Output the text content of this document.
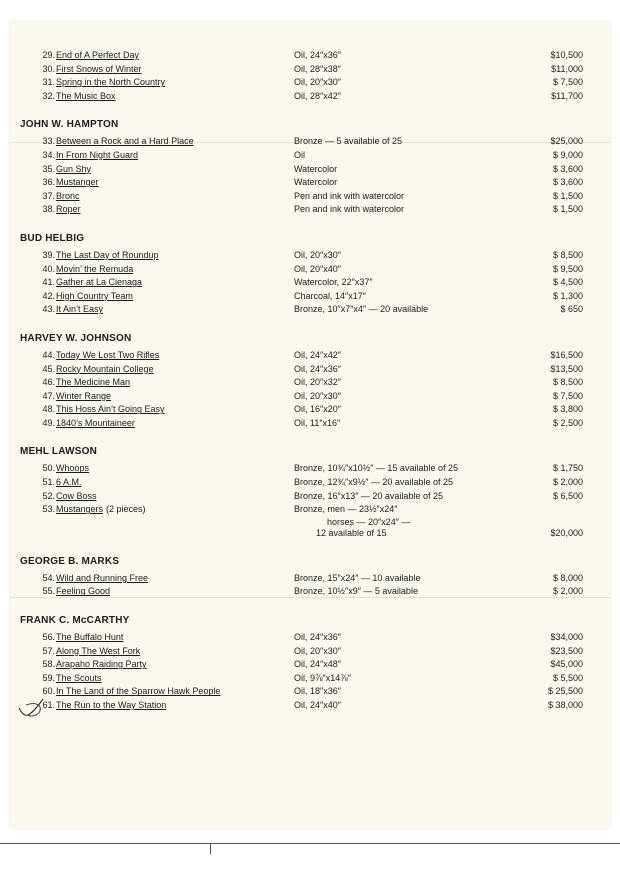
29. End of A Perfect Day	Oil, 24″x36″	$10,500
30. First Snows of Winter	Oil, 28″x38″	$11,000
31. Spring in the North Country	Oil, 20″x30″	$ 7,500
32. The Music Box	Oil, 28″x42″	$11,700
JOHN W. HAMPTON
33. Between a Rock and a Hard Place	Bronze — 5 available of 25	$25,000
34. In From Night Guard	Oil	$ 9,000
35. Gun Shy	Watercolor	$ 3,600
36. Mustanger	Watercolor	$ 3,600
37. Bronc	Pen and ink with watercolor	$ 1,500
38. Roper	Pen and ink with watercolor	$ 1,500
BUD HELBIG
39. The Last Day of Roundup	Oil, 20″x30″	$ 8,500
40. Movin’ the Remuda	Oil, 20″x40″	$ 9,500
41. Gather at La Cienaga	Watercolor, 22″x37″	$ 4,500
42. High Country Team	Charcoal, 14″x17″	$ 1,300
43. It Ain’t Easy	Bronze, 10″x7″x4″ — 20 available	$ 650
HARVEY W. JOHNSON
44. Today We Lost Two Rifles	Oil, 24″x42″	$16,500
45. Rocky Mountain College	Oil, 24″x36″	$13,500
46. The Medicine Man	Oil, 20″x32″	$ 8,500
47. Winter Range	Oil, 20″x30″	$ 7,500
48. This Hoss Ain’t Going Easy	Oil, 16″x20″	$ 3,800
49. 1840’s Mountaineer	Oil, 11″x16″	$ 2,500
MEHL LAWSON
50. Whoops	Bronze, 10¾″x10½″ — 15 available of 25	$ 1,750
51. 6 A.M.	Bronze, 12¾″x9½″ — 20 available of 25	$ 2,000
52. Cow Boss	Bronze, 16″x13″ — 20 available of 25	$ 6,500
53. Mustangers (2 pieces)	Bronze, men — 23½″x24″
horses — 20″x24″ —
12 available of 15	$20,000
GEORGE B. MARKS
54. Wild and Running Free	Bronze, 15″x24″ — 10 available	$ 8,000
55. Feeling Good	Bronze, 10½″x9″ — 5 available	$ 2,000
FRANK C. McCARTHY
56. The Buffalo Hunt	Oil, 24″x36″	$34,000
57. Along The West Fork	Oil, 20″x30″	$23,500
58. Arapaho Raiding Party	Oil, 24″x48″	$45,000
59. The Scouts	Oil, 9⅞″x14⅞″	$ 5,500
60. In The Land of the Sparrow Hawk People	Oil, 18″x36″	$ 25,500
61. The Run to the Way Station	Oil, 24″x40″	$ 38,000
